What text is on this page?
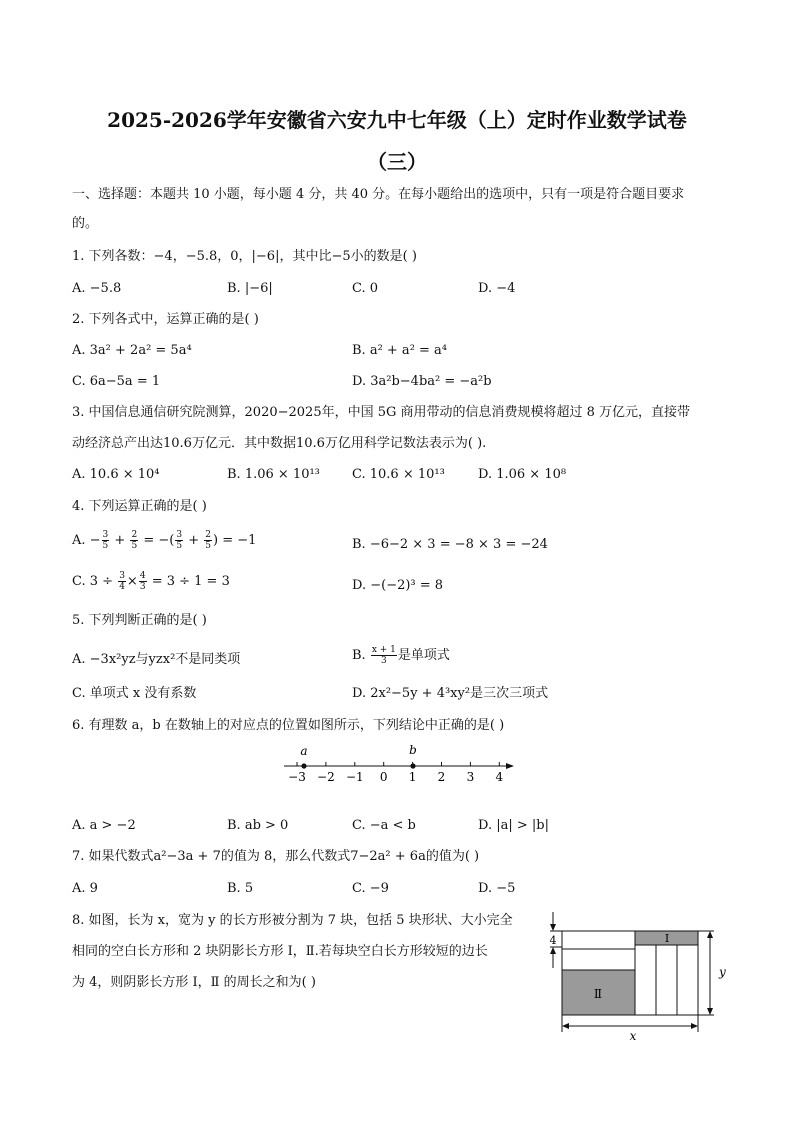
2025-2026学年安徽省六安九中七年级（上）定时作业数学试卷
（三）
一、选择题：本题共 10 小题，每小题 4 分，共 40 分。在每小题给出的选项中，只有一项是符合题目要求
的。
1. 下列各数：−4，−5.8，0，|−6|，其中比−5小的数是( )
A. −5.8	B. |−6|	C. 0	D. −4
2. 下列各式中，运算正确的是( )
A. 3a² + 2a² = 5a⁴	B. a² + a² = a⁴
C. 6a−5a = 1	D. 3a²b−4ba² = −a²b
3. 中国信息通信研究院测算，2020−2025年，中国 5G 商用带动的信息消费规模将超过 8 万亿元，直接带
动经济总产出达10.6万亿元．其中数据10.6万亿用科学记数法表示为( ).
A. 10.6 × 10⁴	B. 1.06 × 10¹³ C. 10.6 × 10¹³	D. 1.06 × 10⁸
4. 下列运算正确的是( )
A. − $\frac{3}{5} + \frac{2}{5}$ = −( $\frac{3}{5} + \frac{2}{5}$ ) = −1	B. −6−2 × 3 = −8 × 3 = −24
C. $3 \div \frac{3}{4} \times \frac{4}{3} = 3 \div 1 = 3$	D. −(−2)³ = 8
5. 下列判断正确的是( )
A. −3x²yz与yzx²不是同类项	B. $\frac{x + 1}{3}$ 是单项式
C. 单项式 x 没有系数	D. 2x²−5y + 4³xy²是三次三项式
6. 有理数 a，b 在数轴上的对应点的位置如图所示，下列结论中正确的是( )
−3 −2 −1 0 1 2 3 4
a	b
A. a > −2	B. ab > 0	C. −a < b	D. |a| > |b|
7. 如果代数式a²−3a + 7的值为 8，那么代数式7−2a² + 6a的值为( )
A. 9	B. 5	C. −9	D. −5
8. 如图，长为 x，宽为 y 的长方形被分割为 7 块，包括 5 块形状、大小完全
相同的空白长方形和 2 块阴影长方形 Ⅰ，Ⅱ.若每块空白长方形较短的边长
为 4，则阴影长方形 Ⅰ，Ⅱ 的周长之和为( )
4
Ⅱ
I
y
x
